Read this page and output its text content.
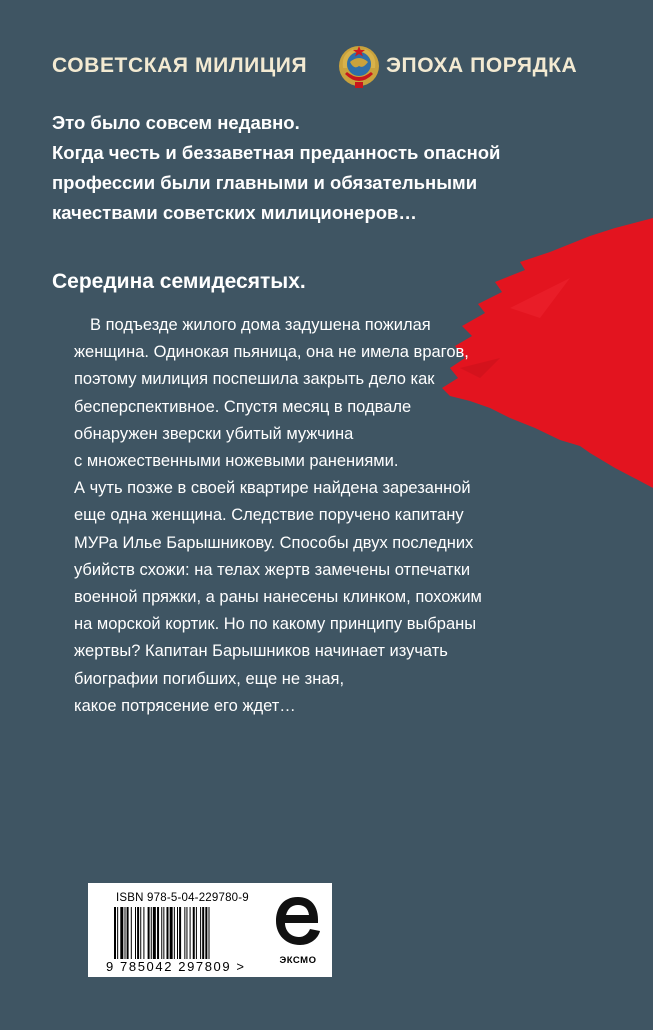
СОВЕТСКАЯ МИЛИЦИЯ	ЭПОХА ПОРЯДКА
Это было совсем недавно.
Когда честь и беззаветная преданность опасной
профессии были главными и обязательными
качествами советских милиционеров…
Середина семидесятых.
В подъезде жилого дома задушена пожилая
женщина. Одинокая пьяница, она не имела врагов,
поэтому милиция поспешила закрыть дело как
бесперспективное. Спустя месяц в подвале
обнаружен зверски убитый мужчина
с множественными ножевыми ранениями.
А чуть позже в своей квартире найдена зарезанной
еще одна женщина. Следствие поручено капитану
МУРа Илье Барышникову. Способы двух последних
убийств схожи: на телах жертв замечены отпечатки
военной пряжки, а раны нанесены клинком, похожим
на морской кортик. Но по какому принципу выбраны
жертвы? Капитан Барышников начинает изучать
биографии погибших, еще не зная,
какое потрясение его ждет…
ISBN 978-5-04-229780-9
9 785042 297809 >	ЭКСМО
